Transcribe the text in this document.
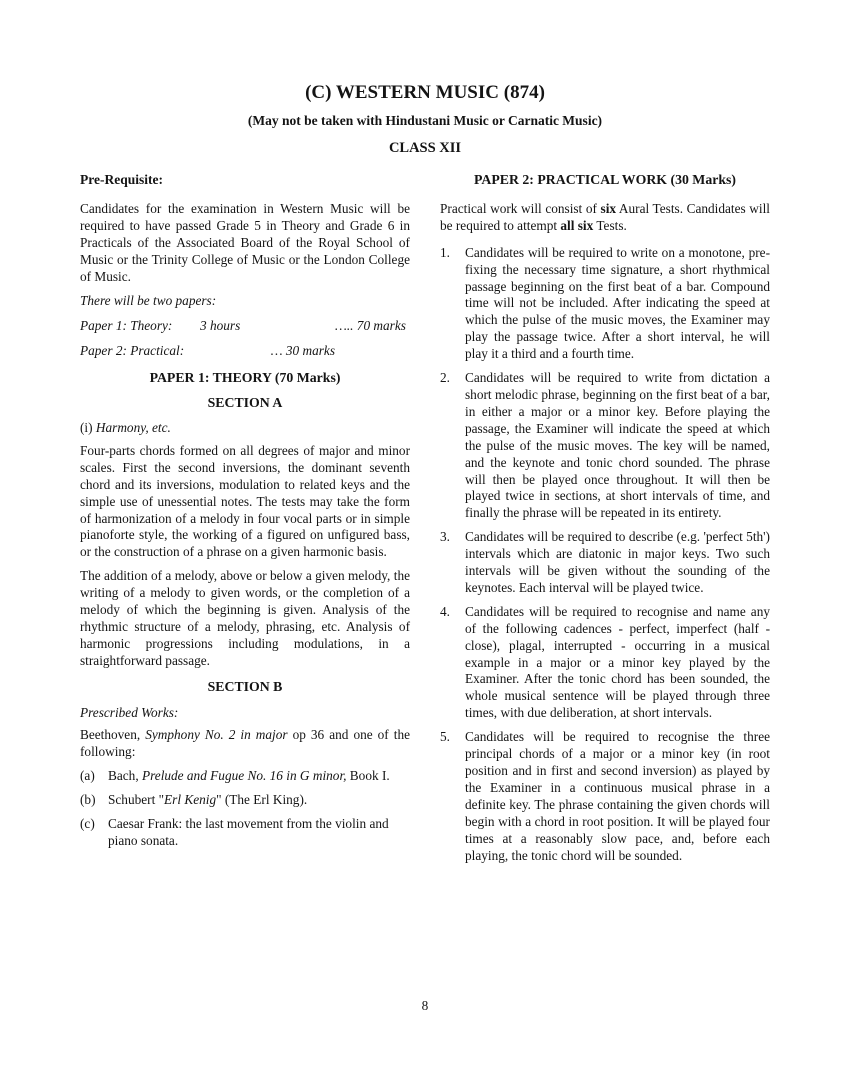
(C) WESTERN MUSIC (874)
(May not be taken with Hindustani Music or Carnatic Music)
CLASS XII

Pre-Requisite:

Candidates for the examination in Western Music will be required to have passed Grade 5 in Theory and Grade 6 in Practicals of the Associated Board of the Royal School of Music or the Trinity College of Music or the London College of Music.

There will be two papers:

Paper 1: Theory:	3 hours	….. 70 marks
Paper 2: Practical:	… 30 marks

PAPER 1: THEORY (70 Marks)

SECTION A

(i) Harmony, etc.

Four-parts chords formed on all degrees of major and minor scales. First the second inversions, the dominant seventh chord and its inversions, modulation to related keys and the simple use of unessential notes. The tests may take the form of harmonization of a melody in four vocal parts or in simple pianoforte style, the working of a figured on unfigured bass, or the construction of a phrase on a given harmonic basis.

The addition of a melody, above or below a given melody, the writing of a melody to given words, or the completion of a melody of which the beginning is given. Analysis of the rhythmic structure of a melody, phrasing, etc. Analysis of harmonic progressions including modulations, in a straightforward passage.

SECTION B

Prescribed Works:

Beethoven, Symphony No. 2 in major op 36 and one of the following:

(a) Bach, Prelude and Fugue No. 16 in G minor, Book I.
(b) Schubert "Erl Kenig" (The Erl King).
(c) Caesar Frank: the last movement from the violin and piano sonata.

PAPER 2: PRACTICAL WORK (30 Marks)

Practical work will consist of six Aural Tests. Candidates will be required to attempt all six Tests.

1.	Candidates will be required to write on a monotone, pre-fixing the necessary time signature, a short rhythmical passage beginning on the first beat of a bar. Compound time will not be included. After indicating the speed at which the pulse of the music moves, the Examiner may play the passage twice. After a short interval, he will play it a third and a fourth time.
2.	Candidates will be required to write from dictation a short melodic phrase, beginning on the first beat of a bar, in either a major or a minor key. Before playing the passage, the Examiner will indicate the speed at which the pulse of the music moves. The key will be named, and the keynote and tonic chord sounded. The phrase will then be played once throughout. It will then be played twice in sections, at short intervals of time, and finally the phrase will be repeated in its entirety.
3.	Candidates will be required to describe (e.g. 'perfect 5th') intervals which are diatonic in major keys. Two such intervals will be given without the sounding of the keynotes. Each interval will be played twice.
4.	Candidates will be required to recognise and name any of the following cadences - perfect, imperfect (half - close), plagal, interrupted - occurring in a musical example in a major or a minor key played by the Examiner. After the tonic chord has been sounded, the whole musical sentence will be played through three times, with due deliberation, at short intervals.
5.	Candidates will be required to recognise the three principal chords of a major or a minor key (in root position and in first and second inversion) as played by the Examiner in a continuous musical phrase in a definite key. The phrase containing the given chords will begin with a chord in root position. It will be played four times at a reasonably slow pace, and, before each playing, the tonic chord will be sounded.
8
